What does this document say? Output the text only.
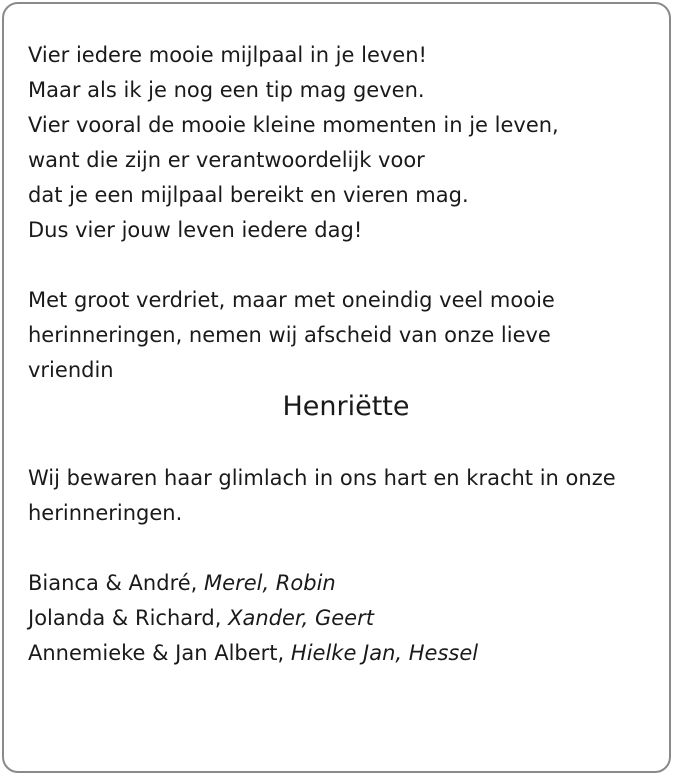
Vier iedere mooie mijlpaal in je leven!
Maar als ik je nog een tip mag geven.
Vier vooral de mooie kleine momenten in je leven,
want die zijn er verantwoordelijk voor
dat je een mijlpaal bereikt en vieren mag.
Dus vier jouw leven iedere dag!
Met groot verdriet, maar met oneindig veel mooie
herinneringen, nemen wij afscheid van onze lieve
vriendin
Henriëtte
Wij bewaren haar glimlach in ons hart en kracht in onze
herinneringen.
Bianca & André, Merel, Robin
Jolanda & Richard, Xander, Geert
Annemieke & Jan Albert, Hielke Jan, Hessel
